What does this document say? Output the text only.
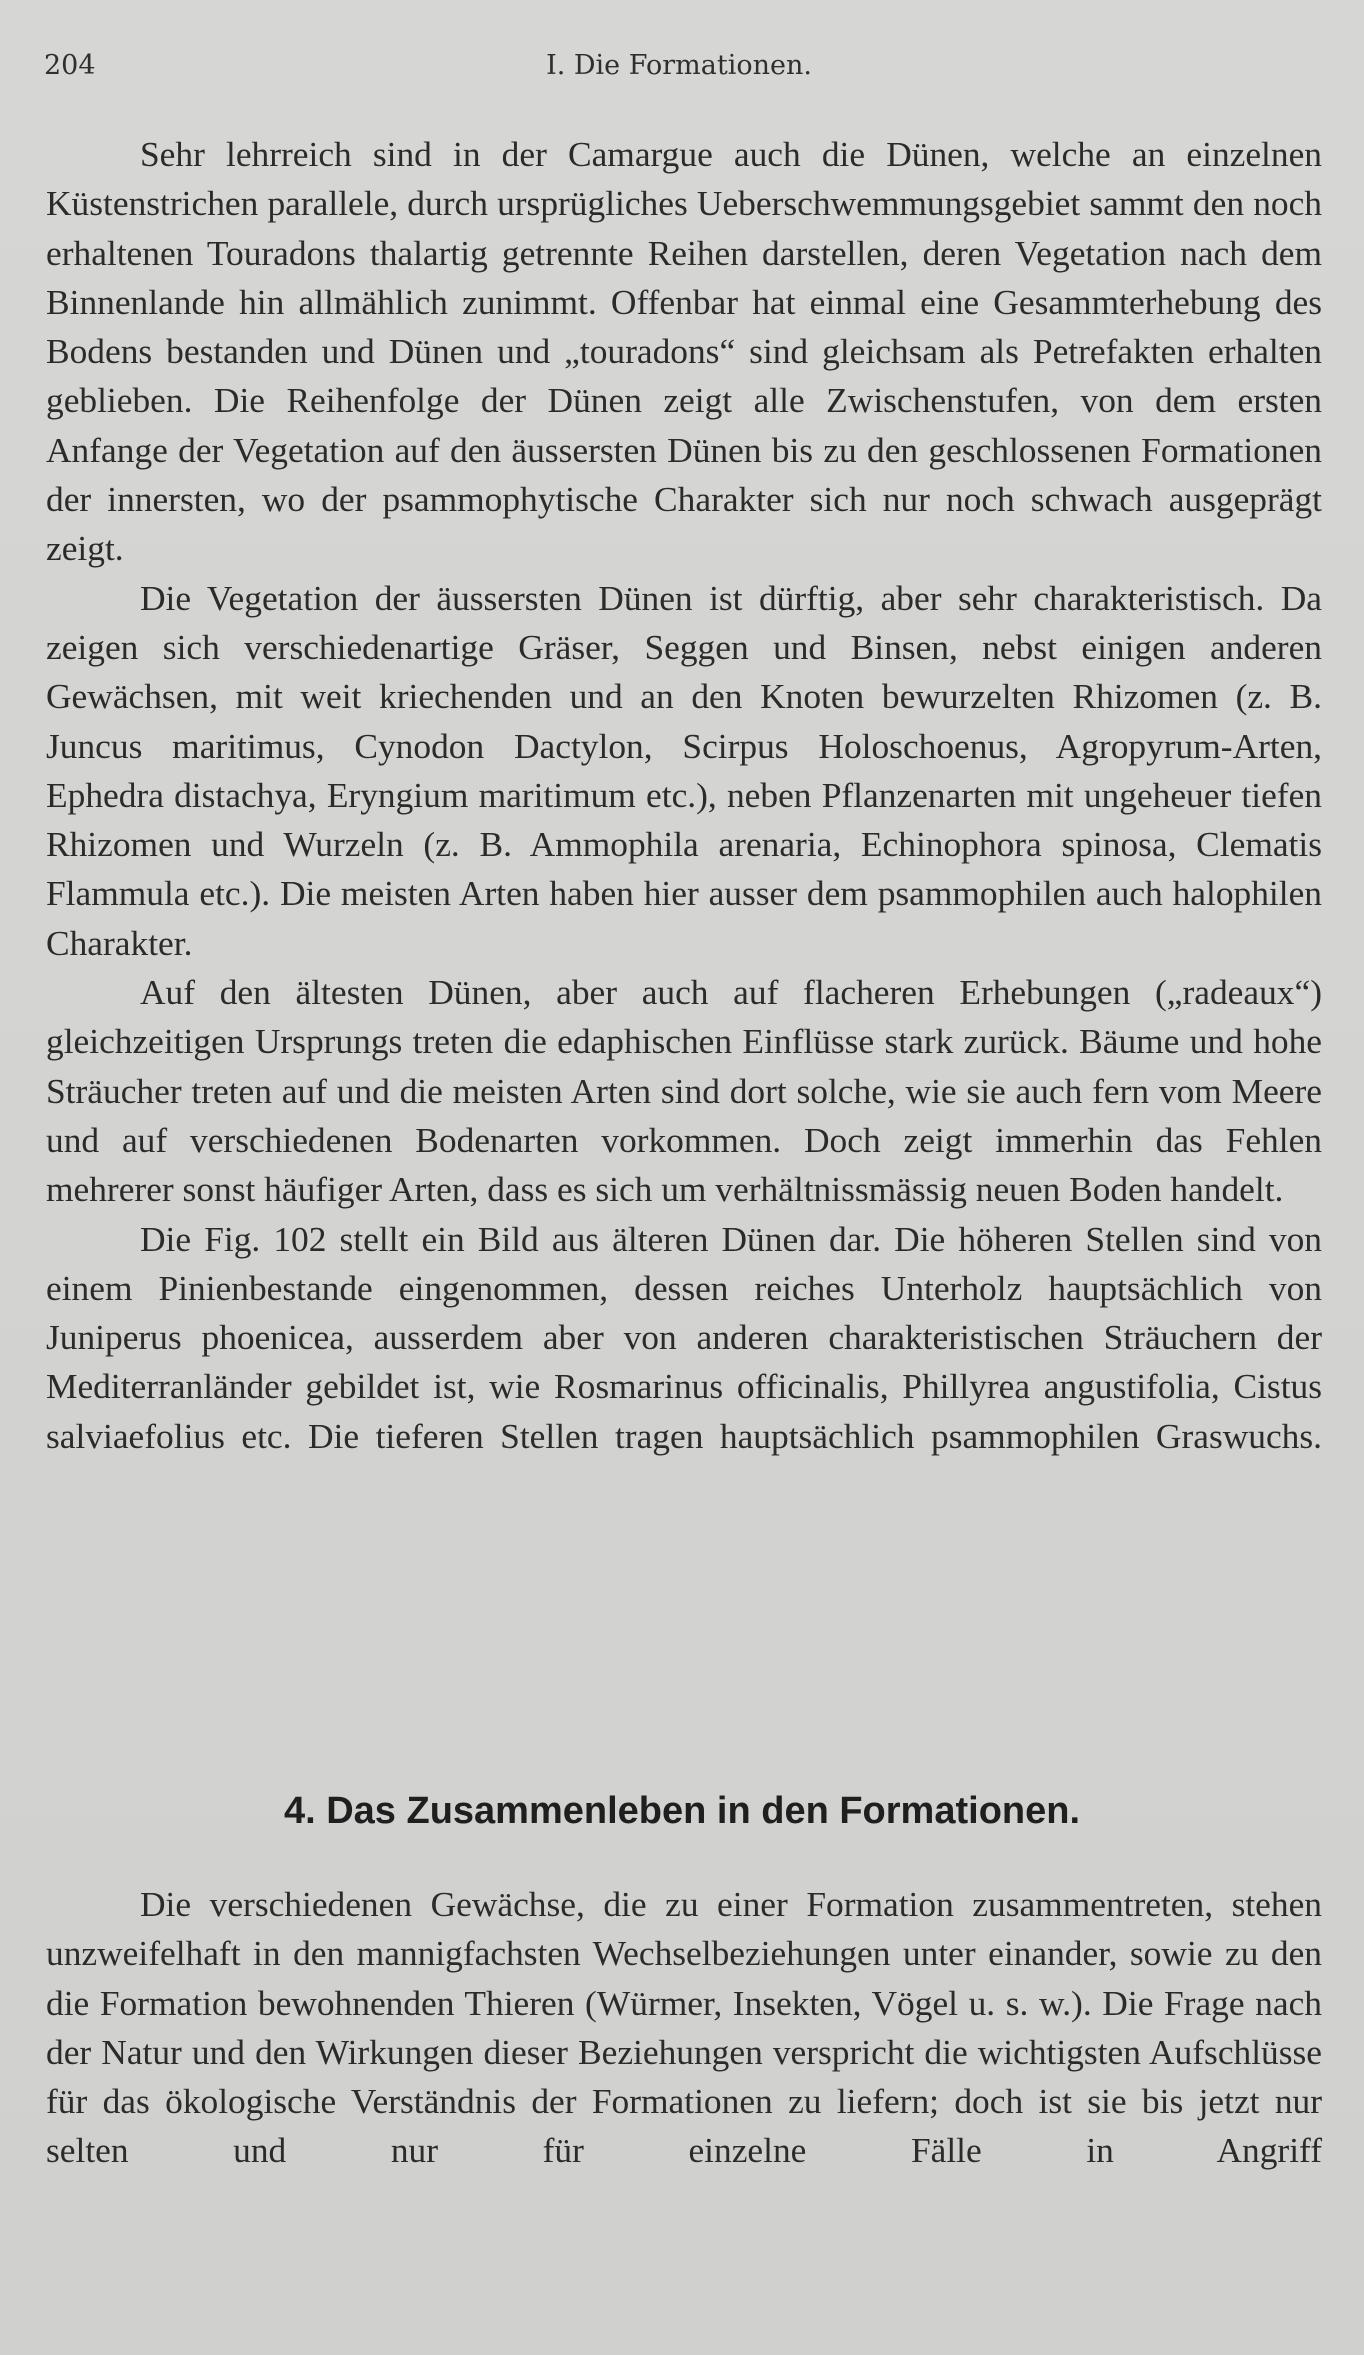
204	I. Die Formationen.

Sehr lehrreich sind in der Camargue auch die Dünen, welche an einzelnen Küstenstrichen parallele, durch ursprügliches Ueberschwemmungsgebiet sammt den noch erhaltenen Touradons thalartig getrennte Reihen darstellen, deren Vegetation nach dem Binnenlande hin allmählich zunimmt. Offenbar hat einmal eine Gesammterhebung des Bodens bestanden und Dünen und „touradons“ sind gleichsam als Petrefakten erhalten geblieben. Die Reihenfolge der Dünen zeigt alle Zwischenstufen, von dem ersten Anfange der Vegetation auf den äussersten Dünen bis zu den geschlossenen Formationen der innersten, wo der psammophytische Charakter sich nur noch schwach ausgeprägt zeigt.

Die Vegetation der äussersten Dünen ist dürftig, aber sehr charakteristisch. Da zeigen sich verschiedenartige Gräser, Seggen und Binsen, nebst einigen anderen Gewächsen, mit weit kriechenden und an den Knoten bewurzelten Rhizomen (z. B. Juncus maritimus, Cynodon Dactylon, Scirpus Holoschoenus, Agropyrum-Arten, Ephedra distachya, Eryngium maritimum etc.), neben Pflanzenarten mit ungeheuer tiefen Rhizomen und Wurzeln (z. B. Ammophila arenaria, Echinophora spinosa, Clematis Flammula etc.). Die meisten Arten haben hier ausser dem psammophilen auch halophilen Charakter.

Auf den ältesten Dünen, aber auch auf flacheren Erhebungen („radeaux“) gleichzeitigen Ursprungs treten die edaphischen Einflüsse stark zurück. Bäume und hohe Sträucher treten auf und die meisten Arten sind dort solche, wie sie auch fern vom Meere und auf verschiedenen Bodenarten vorkommen. Doch zeigt immerhin das Fehlen mehrerer sonst häufiger Arten, dass es sich um verhältnissmässig neuen Boden handelt.

Die Fig. 102 stellt ein Bild aus älteren Dünen dar. Die höheren Stellen sind von einem Pinienbestande eingenommen, dessen reiches Unterholz hauptsächlich von Juniperus phoenicea, ausserdem aber von anderen charakteristischen Sträuchern der Mediterranländer gebildet ist, wie Rosmarinus officinalis, Phillyrea angustifolia, Cistus salviaefolius etc. Die tieferen Stellen tragen hauptsächlich psammophilen Graswuchs.

4. Das Zusammenleben in den Formationen.

Die verschiedenen Gewächse, die zu einer Formation zusammentreten, stehen unzweifelhaft in den mannigfachsten Wechselbeziehungen unter einander, sowie zu den die Formation bewohnenden Thieren (Würmer, Insekten, Vögel u. s. w.). Die Frage nach der Natur und den Wirkungen dieser Beziehungen verspricht die wichtigsten Aufschlüsse für das ökologische Verständnis der Formationen zu liefern; doch ist sie bis jetzt nur selten und nur für einzelne Fälle in Angriff
